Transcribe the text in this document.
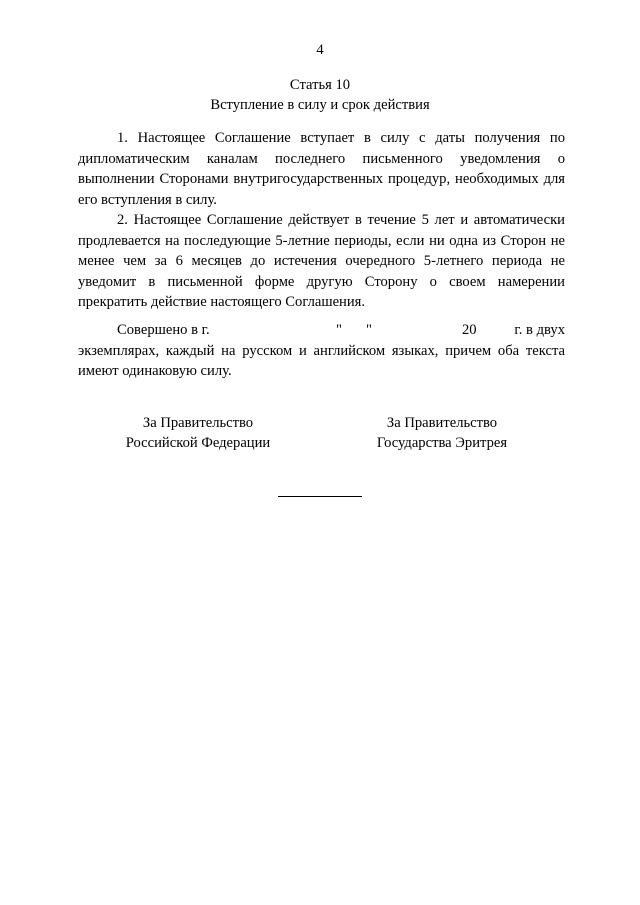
4
Статья 10
Вступление в силу и срок действия

1. Настоящее Соглашение вступает в силу с даты получения по дипломатическим каналам последнего письменного уведомления о выполнении Сторонами внутригосударственных процедур, необходимых для его вступления в силу.

2. Настоящее Соглашение действует в течение 5 лет и автоматически продлевается на последующие 5-летние периоды, если ни одна из Сторон не менее чем за 6 месяцев до истечения очередного 5-летнего периода не уведомит в письменной форме другую Сторону о своем намерении прекратить действие настоящего Соглашения.

Совершено в г.	" "	20	г. в двух

экземплярах, каждый на русском и английском языках, причем оба текста имеют одинаковую силу.

За Правительство
Российской Федерации
За Правительство
Государства Эритрея
